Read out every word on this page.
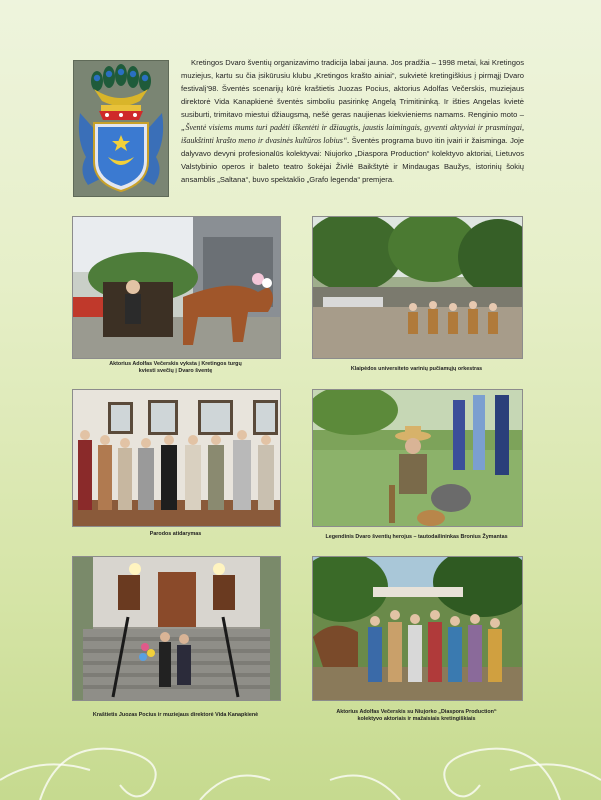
Kretingos Dvaro šventių organizavimo tradicija labai jauna. Jos pradžia – 1998 metai, kai Kretingos muziejus, kartu su čia įsikūrusiu klubu „Kretingos krašto ainiai“, sukvietė kretingiškius į pirmąjį Dvaro festivalį’98. Šventės scenarijų kūrė kraštietis Juozas Pocius, aktorius Adolfas Večerskis, muziejaus direktorė Vida Kanapkienė šventės simboliu pasirinkę Angelą Trimitininką. Ir išties Angelas kvietė susiburti, trimitavo miestui džiaugsmą, nešė geras naujienas kiekvieniems namams. Renginio moto – „Šventė visiems mums turi padėti iškentėti ir džiaugtis, jaustis laimingais, gyventi aktyviai ir prasmingai, išaukštinti krašto meno ir dvasinės kultūros lobius“. Šventės programa buvo itin įvairi ir žaisminga. Joje dalyvavo devyni profesionalūs kolektyvai: Niujorko „Diaspora Production“ kolektyvo aktoriai, Lietuvos Valstybinio operos ir baleto teatro šokėjai Živilė Baikštytė ir Mindaugas Baužys, istorinių šokių ansamblis „Saltana“, buvo spektaklio „Grafo legenda“ premjera.

Aktorius Adolfas Večerskis vyksta į Kretingos turgų
kviesti svečių į Dvaro šventę	Klaipėdos universiteto varinių pučiamųjų orkestras
Parodos atidarymas	Legendinis Dvaro šventių herojus – tautodailininkas Bronius Žymantas
Kraštietis Juozas Pocius ir muziejaus direktorė Vida Kanapkienė	Aktorius Adolfas Večerskis su Niujorko „Diaspora Production“
kolektyvo aktoriais ir mažaisiais kretingiškiais
